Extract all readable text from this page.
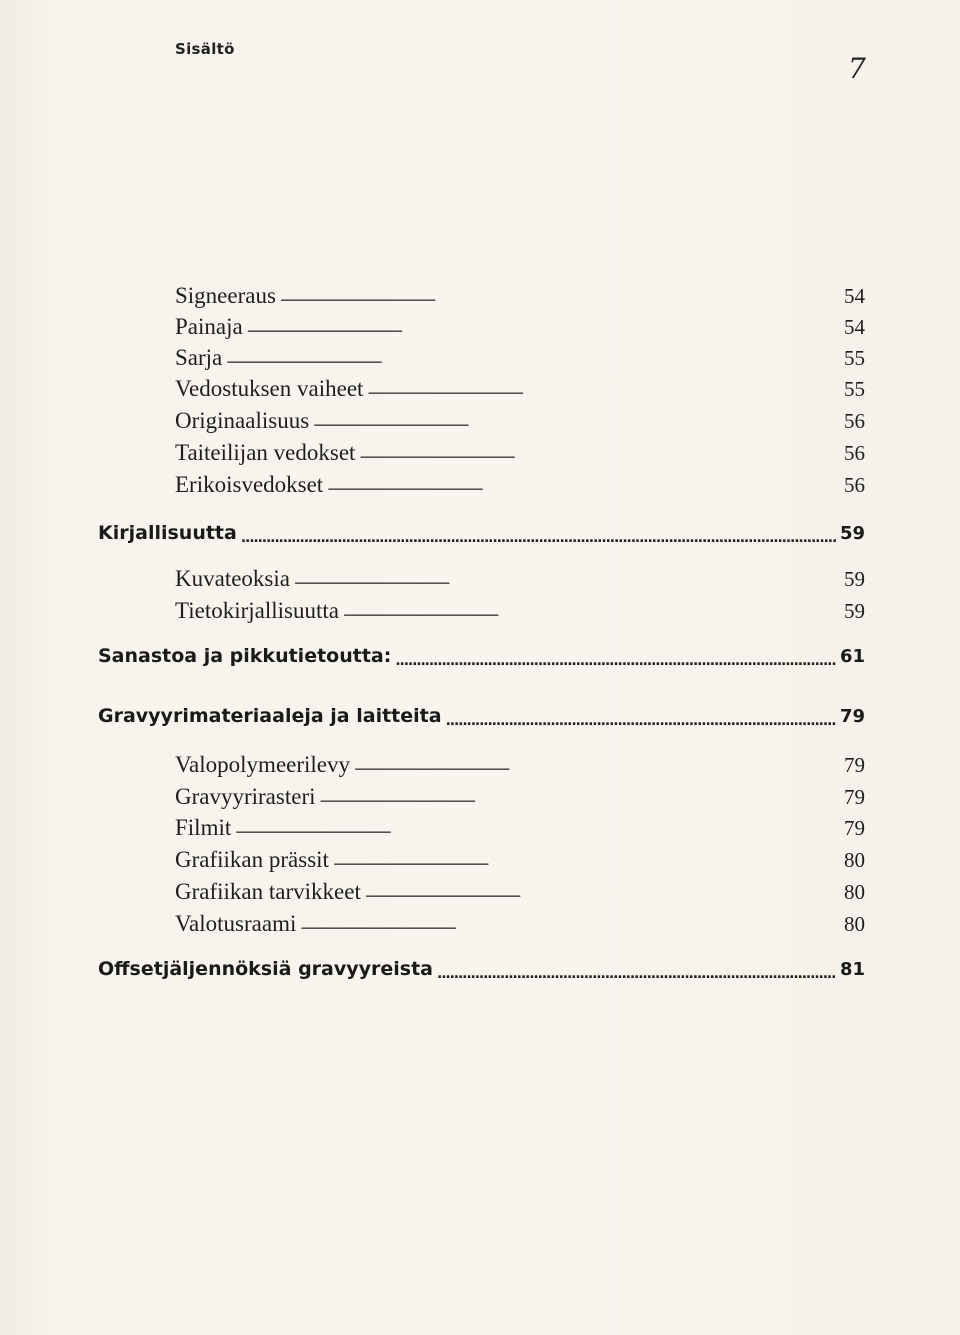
Sisältö
7
Signeeraus . . .	54
Painaja . . .	54
Sarja . . .	55
Vedostuksen vaiheet . . .	55
Originaalisuus . . .	56
Taiteilijan vedokset . . .	56
Erikoisvedokset . . .	56
Kirjallisuutta . . .	59
Kuvateoksia . . .	59
Tietokirjallisuutta . . .	59
Sanastoa ja pikkutietoutta: . . .	61
Gravyyrimateriaaleja ja laitteita . . .	79
Valopolymeerilevy . . .	79
Gravyyrirasteri . . .	79
Filmit . . .	79
Grafiikan prässit . . .	80
Grafiikan tarvikkeet . . .	80
Valotusraami . . .	80
Offsetjäljennöksiä gravyyreista . . .	81
